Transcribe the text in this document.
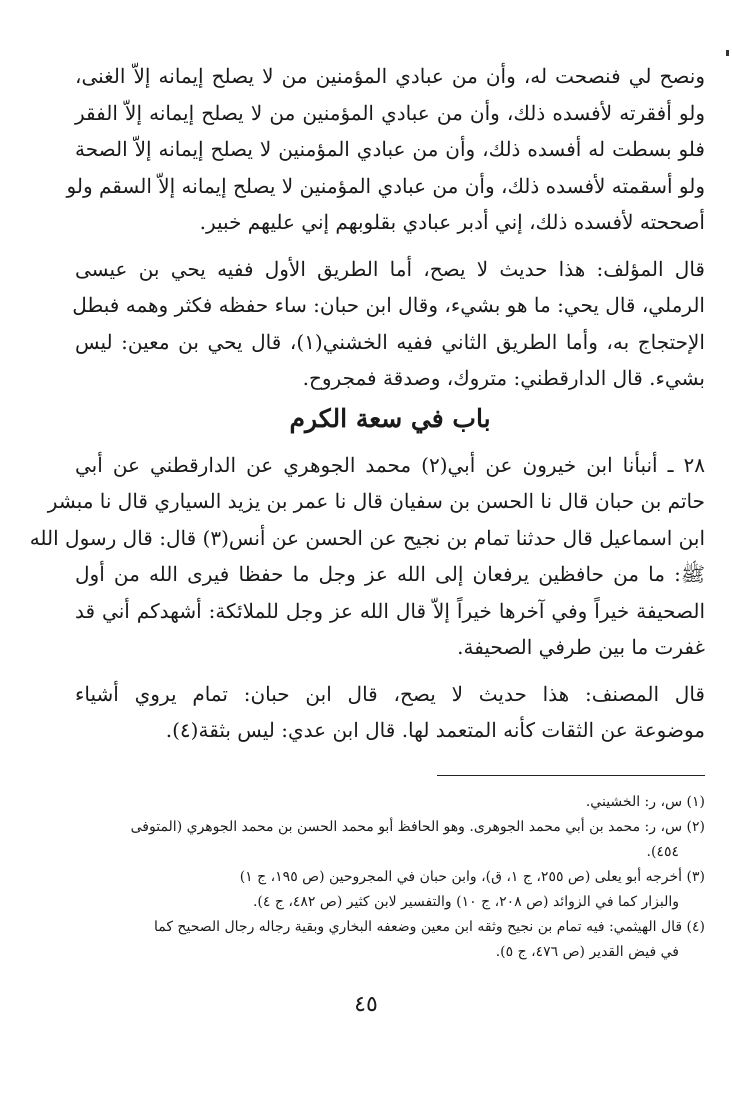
ونصح لي فنصحت له، وأن من عبادي المؤمنين من لا يصلح إيمانه إلاّ الغنى،
ولو أفقرته لأفسده ذلك، وأن من عبادي المؤمنين من لا يصلح إيمانه إلاّ الفقر
فلو بسطت له أفسده ذلك، وأن من عبادي المؤمنين لا يصلح إيمانه إلاّ الصحة
ولو أسقمته لأفسده ذلك، وأن من عبادي المؤمنين لا يصلح إيمانه إلاّ السقم ولو
أصححته لأفسده ذلك، إني أدبر عبادي بقلوبهم إني عليهم خبير.
قال المؤلف: هذا حديث لا يصح، أما الطريق الأول ففيه يحي بن عيسى
الرملي، قال يحي: ما هو بشيء، وقال ابن حبان: ساء حفظه فكثر وهمه فبطل
الإحتجاج به، وأما الطريق الثاني ففيه الخشني(١)، قال يحي بن معين: ليس
بشيء. قال الدارقطني: متروك، وصدقة فمجروح.
باب في سعة الكرم
٢٨ ـ أنبأنا ابن خيرون عن أبي(٢) محمد الجوهري عن الدارقطني عن أبي
حاتم بن حبان قال نا الحسن بن سفيان قال نا عمر بن يزيد السياري قال نا مبشر
ابن اسماعيل قال حدثنا تمام بن نجيح عن الحسن عن أنس(٣) قال: قال رسول الله
ﷺ: ما من حافظين يرفعان إلى الله عز وجل ما حفظا فيرى الله من أول
الصحيفة خيراً وفي آخرها خيراً إلاّ قال الله عز وجل للملائكة: أشهدكم أني قد
غفرت ما بين طرفي الصحيفة.
قال المصنف: هذا حديث لا يصح، قال ابن حبان: تمام يروي أشياء
موضوعة عن الثقات كأنه المتعمد لها. قال ابن عدي: ليس بثقة(٤).
(١) س، ر: الخشيني.
(٢) س، ر: محمد بن أبي محمد الجوهرى. وهو الحافظ أبو محمد الحسن بن محمد الجوهري (المتوفى
٤٥٤).
(٣) أخرجه أبو يعلى (ص ٢٥٥، ج ١، ق)، وابن حبان في المجروحين (ص ١٩٥، ج ١)
والبزار كما في الزوائد (ص ٢٠٨، ج ١٠) والتفسير لابن كثير (ص ٤٨٢، ج ٤).
(٤) قال الهيثمي: فيه تمام بن نجيح وثقه ابن معين وضعفه البخاري وبقية رجاله رجال الصحيح كما
في فيض القدير (ص ٤٧٦، ج ٥).
٤٥
